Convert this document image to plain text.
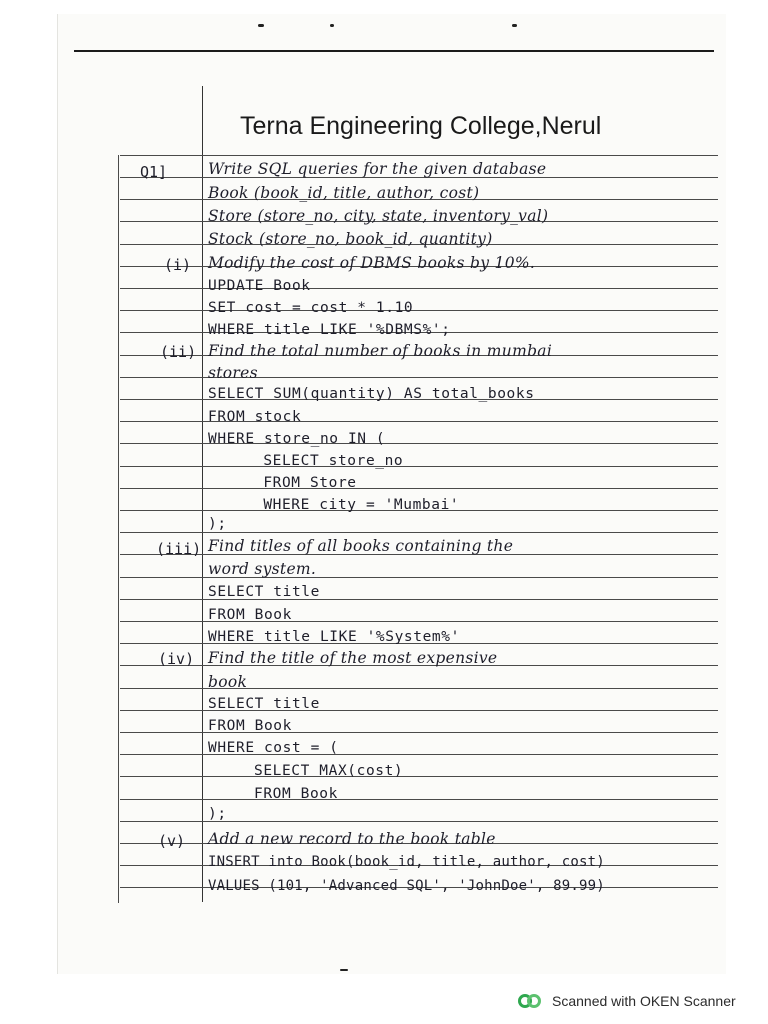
Terna Engineering College,Nerul
Q1]
(i)
(ii)
(iii)
(iv)
(v)
Write SQL queries for the given database
Book (book_id, title, author, cost)
Store (store_no, city, state, inventory_val)
Stock (store_no, book_id, quantity)
Modify the cost of DBMS books by 10%.
UPDATE Book
SET cost = cost * 1.10
WHERE title LIKE '%DBMS%';
Find the total number of books in mumbai
stores
SELECT SUM(quantity) AS total_books
FROM stock
WHERE store_no IN (
SELECT store_no
FROM Store
WHERE city = 'Mumbai'
);
Find titles of all books containing the
word system.
SELECT title
FROM Book
WHERE title LIKE '%System%'
Find the title of the most expensive
book
SELECT title
FROM Book
WHERE cost = (
SELECT MAX(cost)
FROM Book
);
Add a new record to the book table
INSERT into Book(book_id, title, author, cost)
VALUES (101, 'Advanced SQL', 'JohnDoe', 89.99)
Scanned with OKEN Scanner
